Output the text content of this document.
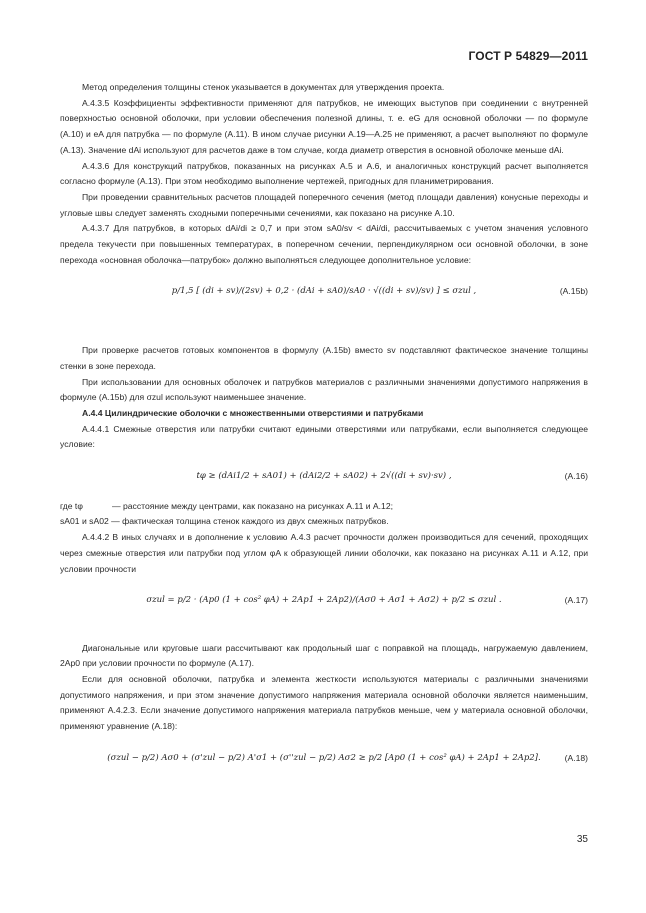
ГОСТ Р 54829—2011

Метод определения толщины стенок указывается в документах для утверждения проекта.

А.4.3.5 Коэффициенты эффективности применяют для патрубков, не имеющих выступов при соединении с внутренней поверхностью основной оболочки, при условии обеспечения полезной длины, т. е. eG для основной оболочки — по формуле (А.10) и eA для патрубка — по формуле (А.11). В ином случае рисунки А.19—А.25 не применяют, а расчет выполняют по формуле (А.13). Значение dAi используют для расчетов даже в том случае, когда диаметр отверстия в основной оболочке меньше dAi.

А.4.3.6 Для конструкций патрубков, показанных на рисунках А.5 и А.6, и аналогичных конструкций расчет выполняется согласно формуле (А.13). При этом необходимо выполнение чертежей, пригодных для планиметрирования.

При проведении сравнительных расчетов площадей поперечного сечения (метод площади давления) конусные переходы и угловые швы следует заменять сходными поперечными сечениями, как показано на рисунке А.10.

А.4.3.7 Для патрубков, в которых dAi/di ≥ 0,7 и при этом sA0/sv < dAi/di, рассчитываемых с учетом значения условного предела текучести при повышенных температурах, в поперечном сечении, перпендикулярном оси основной оболочки, в зоне перехода «основная оболочка—патрубок» должно выполняться следующее дополнительное условие:

p/1,5 [ (di + sv)/(2sv) + 0,2 · (dAi + sA0)/sA0 · √((di + sv)/sv) ] ≤ σzul ,	(А.15b)

При проверке расчетов готовых компонентов в формулу (А.15b) вместо sv подставляют фактическое значение толщины стенки в зоне перехода.

При использовании для основных оболочек и патрубков материалов с различными значениями допустимого напряжения в формуле (А.15b) для σzul используют наименьшее значение.

А.4.4 Цилиндрические оболочки с множественными отверстиями и патрубками

А.4.4.1 Смежные отверстия или патрубки считают едиными отверстиями или патрубками, если выполняется следующее условие:

tφ ≥ (dAi1/2 + sA01) + (dAi2/2 + sA02) + 2√((di + sv)·sv) ,	(А.16)

где tφ	— расстояние между центрами, как показано на рисунках А.11 и А.12;

sA01 и sA02 — фактическая толщина стенок каждого из двух смежных патрубков.

А.4.4.2 В иных случаях и в дополнение к условию А.4.3 расчет прочности должен производиться для сечений, проходящих через смежные отверстия или патрубки под углом φA к образующей линии оболочки, как показано на рисунках А.11 и А.12, при условии прочности

σzul = p/2 · (Ap0 (1 + cos² φA) + 2Ap1 + 2Ap2)/(Aσ0 + Aσ1 + Aσ2) + p/2 ≤ σzul .	(А.17)

Диагональные или круговые шаги рассчитывают как продольный шаг с поправкой на площадь, нагружаемую давлением, 2Ap0 при условии прочности по формуле (А.17).

Если для основной оболочки, патрубка и элемента жесткости используются материалы с различными значениями допустимого напряжения, и при этом значение допустимого напряжения материала основной оболочки является наименьшим, применяют А.4.2.3. Если значение допустимого напряжения материала патрубков меньше, чем у материала основной оболочки, применяют уравнение (А.18):

(σzul − p/2) Aσ0 + (σ'zul − p/2) A'σ1 + (σ''zul − p/2) Aσ2 ≥ p/2 [Ap0 (1 + cos² φA) + 2Ap1 + 2Ap2].	(А.18)
35
